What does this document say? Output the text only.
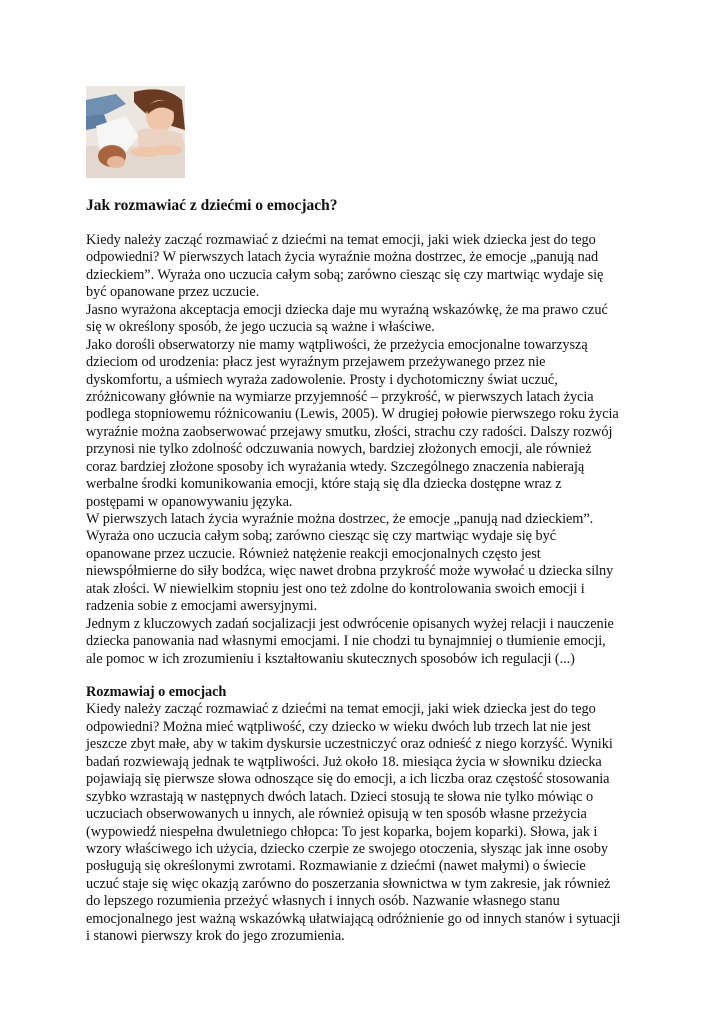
Jak rozmawiać z dziećmi o emocjach?
Kiedy należy zacząć rozmawiać z dziećmi na temat emocji, jaki wiek dziecka jest do tego
odpowiedni? W pierwszych latach życia wyraźnie można dostrzec, że emocje „panują nad
dzieckiem”. Wyraża ono uczucia całym sobą; zarówno ciesząc się czy martwiąc wydaje się
być opanowane przez uczucie.
Jasno wyrażona akceptacja emocji dziecka daje mu wyraźną wskazówkę, że ma prawo czuć
się w określony sposób, że jego uczucia są ważne i właściwe.
Jako dorośli obserwatorzy nie mamy wątpliwości, że przeżycia emocjonalne towarzyszą
dzieciom od urodzenia: płacz jest wyraźnym przejawem przeżywanego przez nie
dyskomfortu, a uśmiech wyraża zadowolenie. Prosty i dychotomiczny świat uczuć,
zróżnicowany głównie na wymiarze przyjemność – przykrość, w pierwszych latach życia
podlega stopniowemu różnicowaniu (Lewis, 2005). W drugiej połowie pierwszego roku życia
wyraźnie można zaobserwować przejawy smutku, złości, strachu czy radości. Dalszy rozwój
przynosi nie tylko zdolność odczuwania nowych, bardziej złożonych emocji, ale również
coraz bardziej złożone sposoby ich wyrażania wtedy. Szczególnego znaczenia nabierają
werbalne środki komunikowania emocji, które stają się dla dziecka dostępne wraz z
postępami w opanowywaniu języka.
W pierwszych latach życia wyraźnie można dostrzec, że emocje „panują nad dzieckiem”.
Wyraża ono uczucia całym sobą; zarówno ciesząc się czy martwiąc wydaje się być
opanowane przez uczucie. Również natężenie reakcji emocjonalnych często jest
niewspółmierne do siły bodźca, więc nawet drobna przykrość może wywołać u dziecka silny
atak złości. W niewielkim stopniu jest ono też zdolne do kontrolowania swoich emocji i
radzenia sobie z emocjami awersyjnymi.
Jednym z kluczowych zadań socjalizacji jest odwrócenie opisanych wyżej relacji i nauczenie
dziecka panowania nad własnymi emocjami. I nie chodzi tu bynajmniej o tłumienie emocji,
ale pomoc w ich zrozumieniu i kształtowaniu skutecznych sposobów ich regulacji (...)
Rozmawiaj o emocjach
Kiedy należy zacząć rozmawiać z dziećmi na temat emocji, jaki wiek dziecka jest do tego
odpowiedni? Można mieć wątpliwość, czy dziecko w wieku dwóch lub trzech lat nie jest
jeszcze zbyt małe, aby w takim dyskursie uczestniczyć oraz odnieść z niego korzyść. Wyniki
badań rozwiewają jednak te wątpliwości. Już około 18. miesiąca życia w słowniku dziecka
pojawiają się pierwsze słowa odnoszące się do emocji, a ich liczba oraz częstość stosowania
szybko wzrastają w następnych dwóch latach. Dzieci stosują te słowa nie tylko mówiąc o
uczuciach obserwowanych u innych, ale również opisują w ten sposób własne przeżycia
(wypowiedź niespełna dwuletniego chłopca: To jest koparka, bojem koparki). Słowa, jak i
wzory właściwego ich użycia, dziecko czerpie ze swojego otoczenia, słysząc jak inne osoby
posługują się określonymi zwrotami. Rozmawianie z dziećmi (nawet małymi) o świecie
uczuć staje się więc okazją zarówno do poszerzania słownictwa w tym zakresie, jak również
do lepszego rozumienia przeżyć własnych i innych osób. Nazwanie własnego stanu
emocjonalnego jest ważną wskazówką ułatwiającą odróżnienie go od innych stanów i sytuacji
i stanowi pierwszy krok do jego zrozumienia.
